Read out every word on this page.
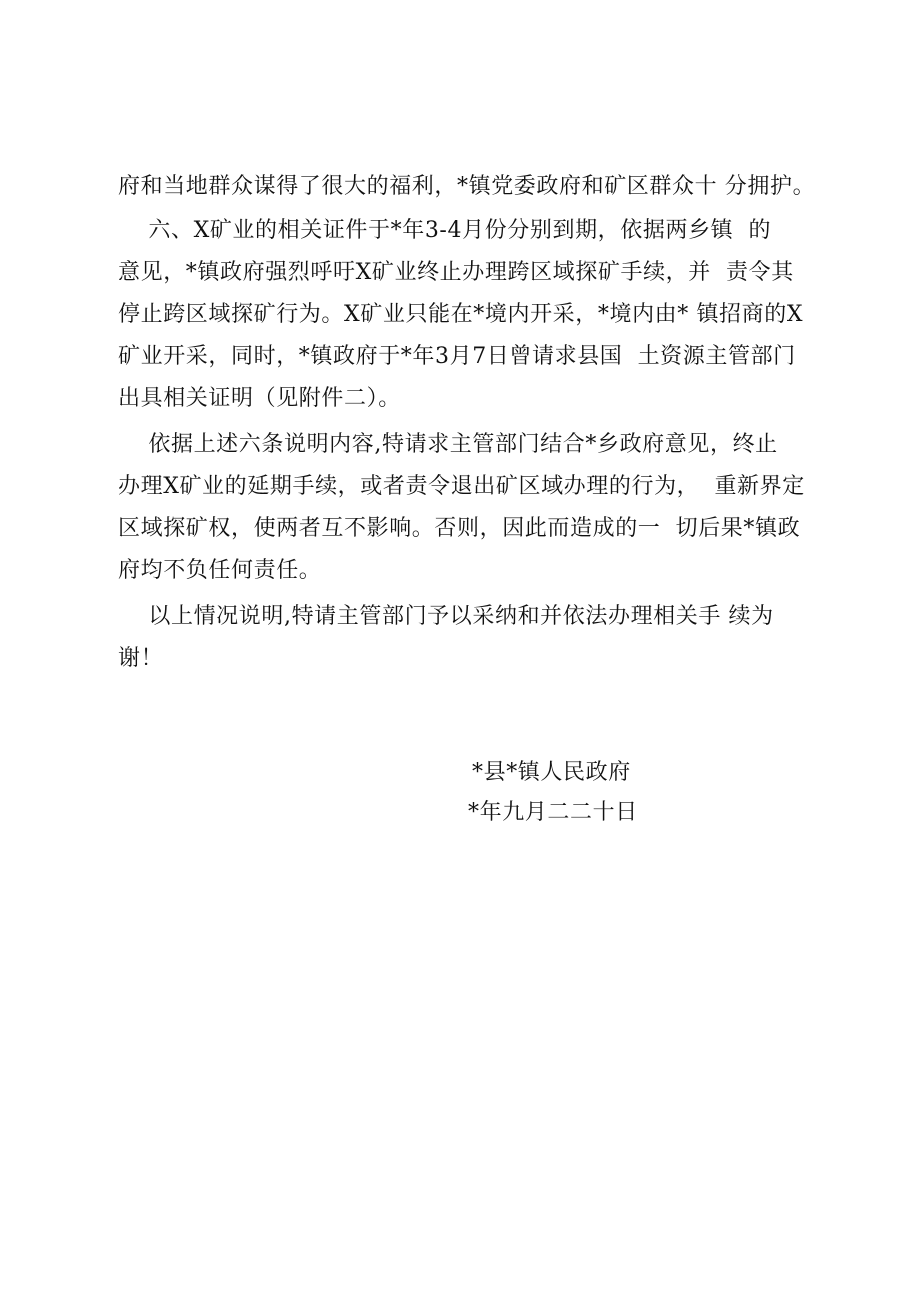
府和当地群众谋得了很大的福利，*镇党委政府和矿区群众十 分拥护。
六、X矿业的相关证件于*年3-4月份分别到期，依据两乡镇  的
意见，*镇政府强烈呼吁X矿业终止办理跨区域探矿手续，并  责令其
停止跨区域探矿行为。X矿业只能在*境内开采，*境内由* 镇招商的X
矿业开采，同时，*镇政府于*年3月7日曾请求县国  土资源主管部门
出具相关证明（见附件二）。
依据上述六条说明内容,特请求主管部门结合*乡政府意见，终止
办理X矿业的延期手续，或者责令退出矿区域办理的行为，  重新界定
区域探矿权，使两者互不影响。否则，因此而造成的一  切后果*镇政
府均不负任何责任。
以上情况说明,特请主管部门予以采纳和并依法办理相关手 续为
谢！
*县*镇人民政府
*年九月二二十日
